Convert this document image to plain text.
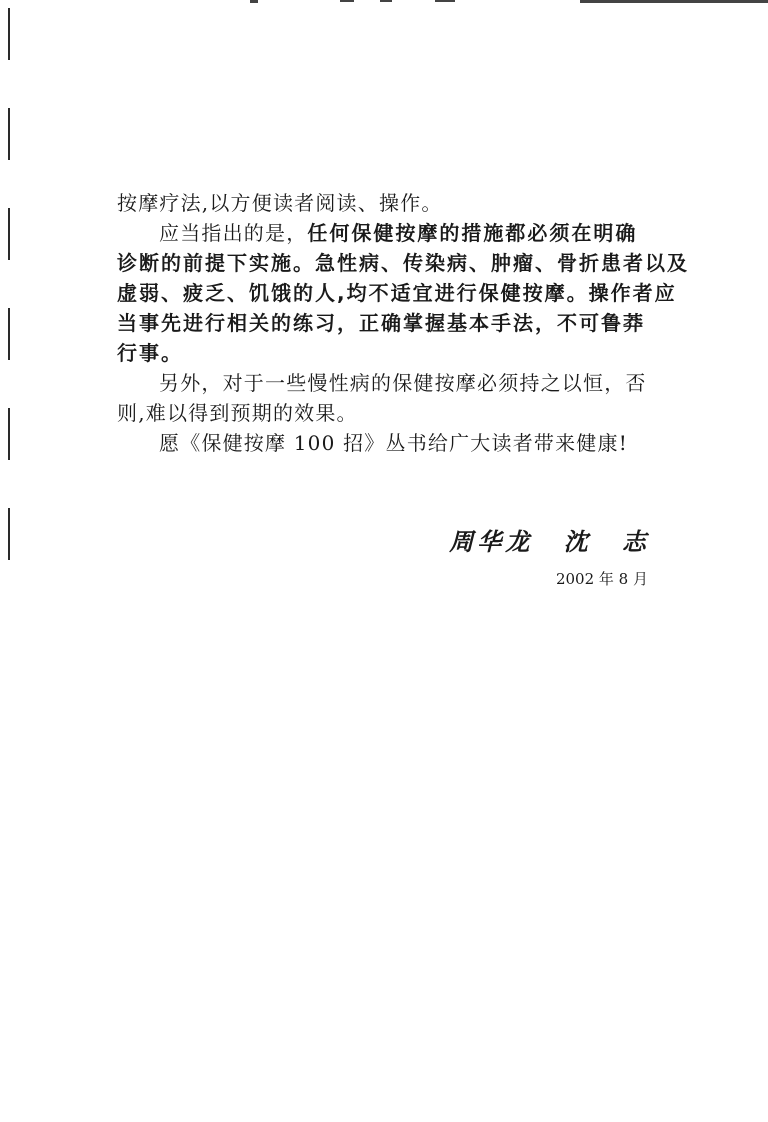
按摩疗法,以方便读者阅读、操作。
应当指出的是，任何保健按摩的措施都必须在明确
诊断的前提下实施。急性病、传染病、肿瘤、骨折患者以及
虚弱、疲乏、饥饿的人,均不适宜进行保健按摩。操作者应
当事先进行相关的练习，正确掌握基本手法，不可鲁莽
行事。
另外，对于一些慢性病的保健按摩必须持之以恒，否
则,难以得到预期的效果。
愿《保健按摩 100 招》丛书给广大读者带来健康!
周华龙 沈 志
2002 年 8 月
